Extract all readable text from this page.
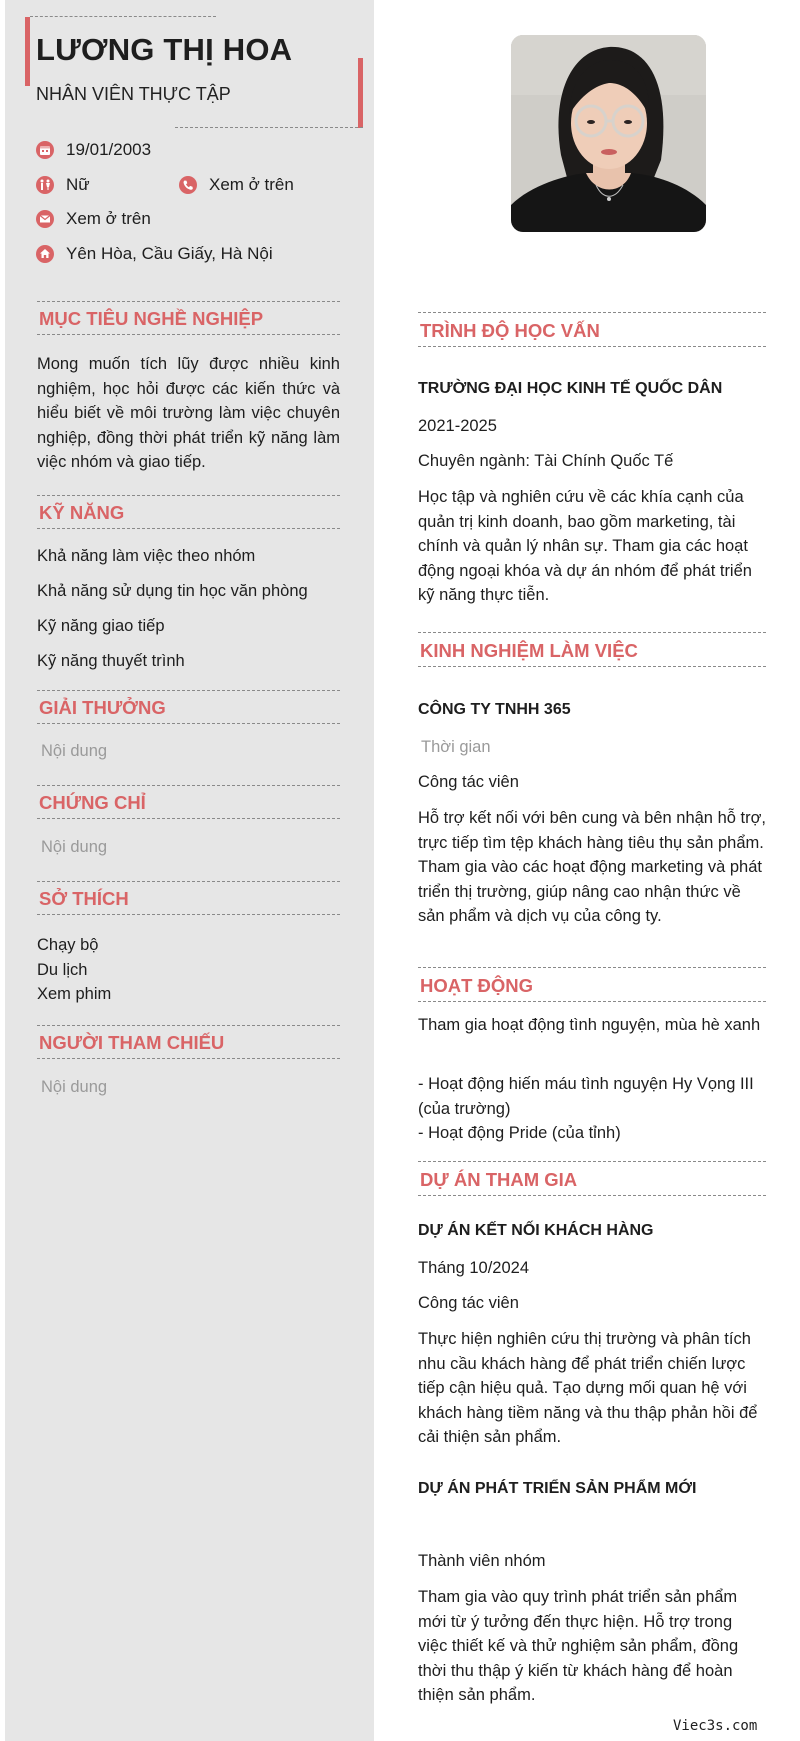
LƯƠNG THỊ HOA
NHÂN VIÊN THỰC TẬP
19/01/2003
Nữ	Xem ở trên
Xem ở trên
Yên Hòa, Cầu Giấy, Hà Nội
MỤC TIÊU NGHỀ NGHIỆP
Mong muốn tích lũy được nhiều kinh nghiệm, học hỏi được các kiến thức và hiểu biết về môi trường làm việc chuyên nghiệp, đồng thời phát triển kỹ năng làm việc nhóm và giao tiếp.
KỸ NĂNG
Khả năng làm việc theo nhóm
Khả năng sử dụng tin học văn phòng
Kỹ năng giao tiếp
Kỹ năng thuyết trình
GIẢI THƯỞNG
Nội dung
CHỨNG CHỈ
Nội dung
SỞ THÍCH
Chạy bộ
Du lịch
Xem phim
NGƯỜI THAM CHIẾU
Nội dung
TRÌNH ĐỘ HỌC VẤN
TRƯỜNG ĐẠI HỌC KINH TẾ QUỐC DÂN
2021-2025
Chuyên ngành: Tài Chính Quốc Tế
Học tập và nghiên cứu về các khía cạnh của quản trị kinh doanh, bao gồm marketing, tài chính và quản lý nhân sự. Tham gia các hoạt động ngoại khóa và dự án nhóm để phát triển kỹ năng thực tiễn.
KINH NGHIỆM LÀM VIỆC
CÔNG TY TNHH 365
Thời gian
Công tác viên
Hỗ trợ kết nối với bên cung và bên nhận hỗ trợ, trực tiếp tìm tệp khách hàng tiêu thụ sản phẩm. Tham gia vào các hoạt động marketing và phát triển thị trường, giúp nâng cao nhận thức về sản phẩm và dịch vụ của công ty.
HOẠT ĐỘNG
Tham gia hoạt động tình nguyện, mùa hè xanh
- Hoạt động hiến máu tình nguyện Hy Vọng III (của trường)
- Hoạt động Pride (của tỉnh)
DỰ ÁN THAM GIA
DỰ ÁN KẾT NỐI KHÁCH HÀNG
Tháng 10/2024
Công tác viên
Thực hiện nghiên cứu thị trường và phân tích nhu cầu khách hàng để phát triển chiến lược tiếp cận hiệu quả. Tạo dựng mối quan hệ với khách hàng tiềm năng và thu thập phản hồi để cải thiện sản phẩm.
DỰ ÁN PHÁT TRIỂN SẢN PHẨM MỚI
Thành viên nhóm
Tham gia vào quy trình phát triển sản phẩm mới từ ý tưởng đến thực hiện. Hỗ trợ trong việc thiết kế và thử nghiệm sản phẩm, đồng thời thu thập ý kiến từ khách hàng để hoàn thiện sản phẩm.
Viec3s.com
